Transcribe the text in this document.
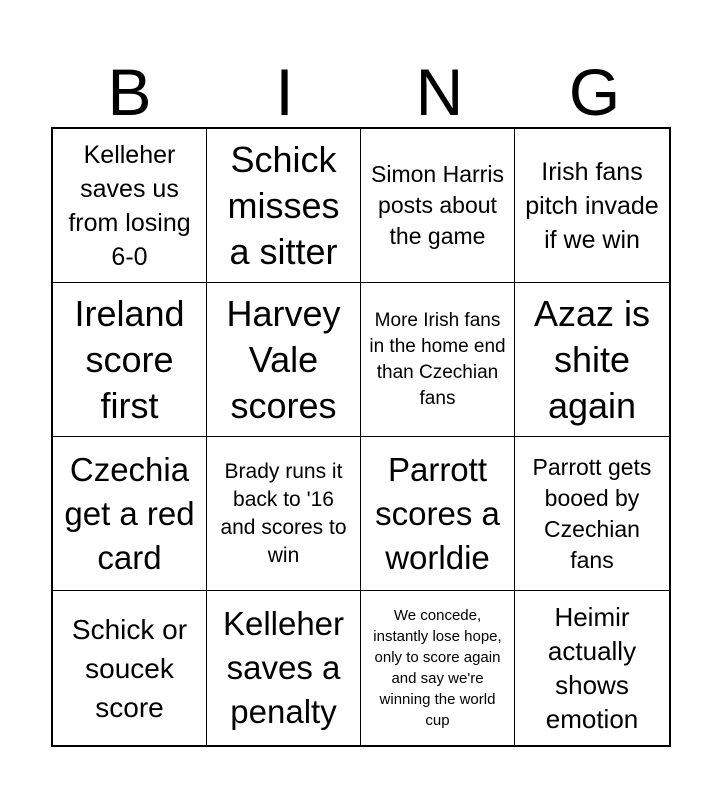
B	I	N	G
Kelleher saves us from losing 6-0
Schick misses a sitter
Simon Harris posts about the game
Irish fans pitch invade if we win
Ireland score first
Harvey Vale scores
More Irish fans in the home end than Czechian fans
Azaz is shite again
Czechia get a red card
Brady runs it back to '16 and scores to win
Parrott scores a worldie
Parrott gets booed by Czechian fans
Schick or soucek score
Kelleher saves a penalty
We concede, instantly lose hope, only to score again and say we're winning the world cup
Heimir actually shows emotion
